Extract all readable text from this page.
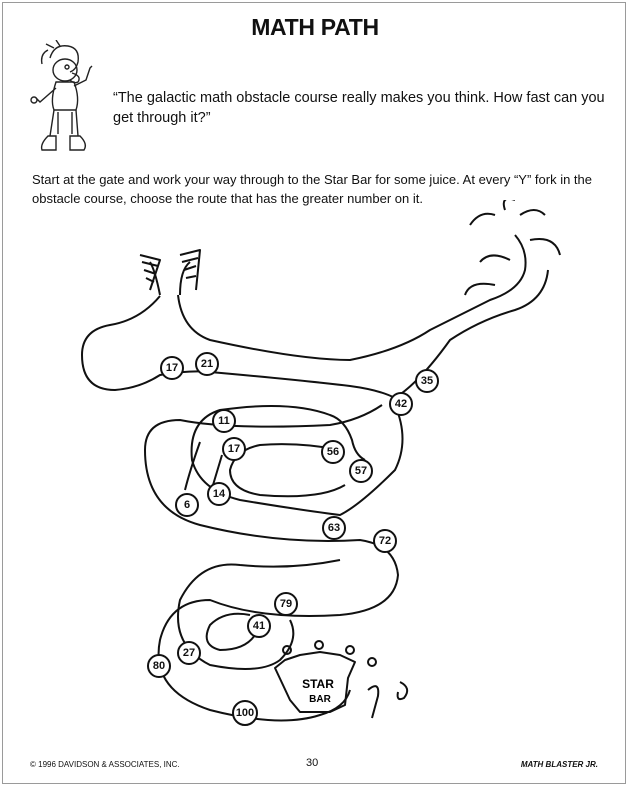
MATH PATH
“The galactic math obstacle course really makes you think. How fast can you get through it?”
Start at the gate and work your way through to the Star Bar for some juice. At every “Y” fork in the obstacle course, choose the route that has the greater number on it.
STAR
BAR
17 21
35
42
11
17	56
57
6
14
63
72
79
41
27
80
100
© 1996 DAVIDSON & ASSOCIATES, INC.	30	MATH BLASTER JR.
